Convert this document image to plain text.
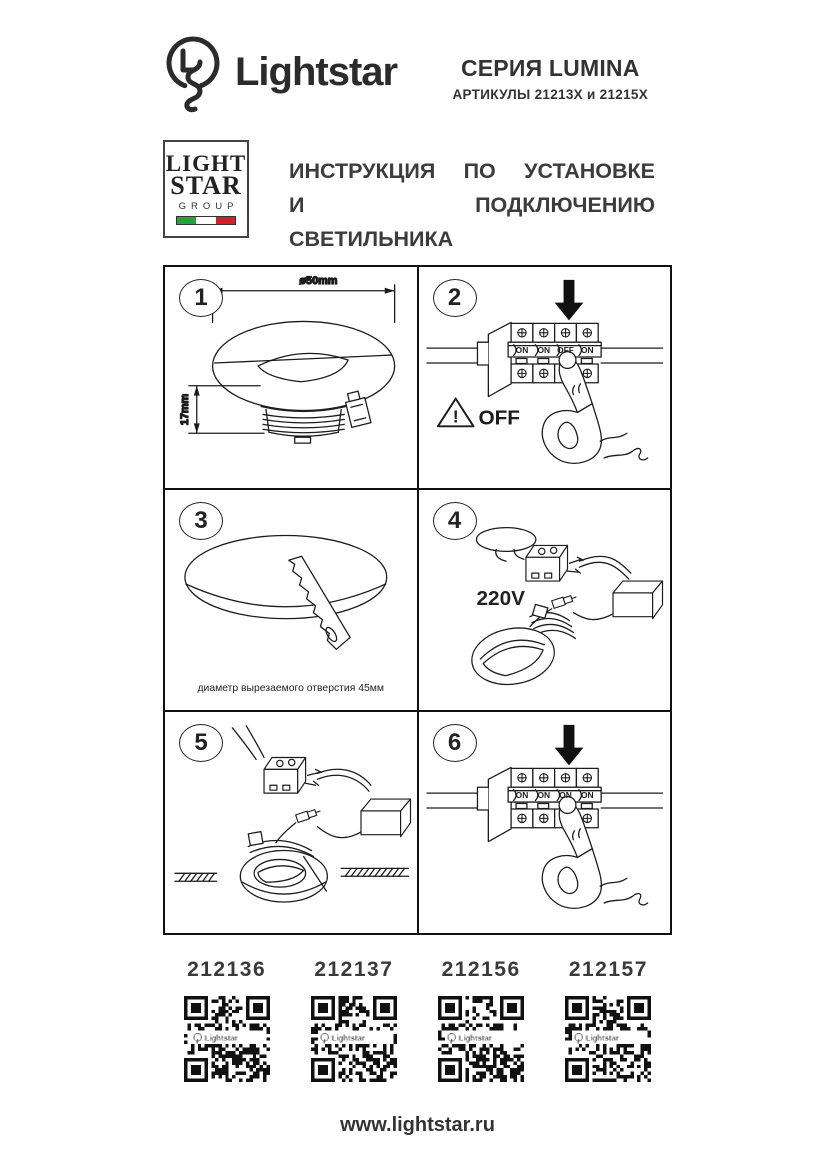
Lightstar	СЕРИЯ LUMINA
АРТИКУЛЫ 21213X и 21215X
LIGHT
STAR
GROUP
ИНСТРУКЦИЯ ПО УСТАНОВКЕ
И ПОДКЛЮЧЕНИЮ СВЕТИЛЬНИКА
1
ø50mm
17mm
2
ON ON OFF ON
! OFF
3
диаметр вырезаемого отверстия 45мм
4
220V
5	6
ON ON ON ON
212136 212137 212156 212157
www.lightstar.ru
